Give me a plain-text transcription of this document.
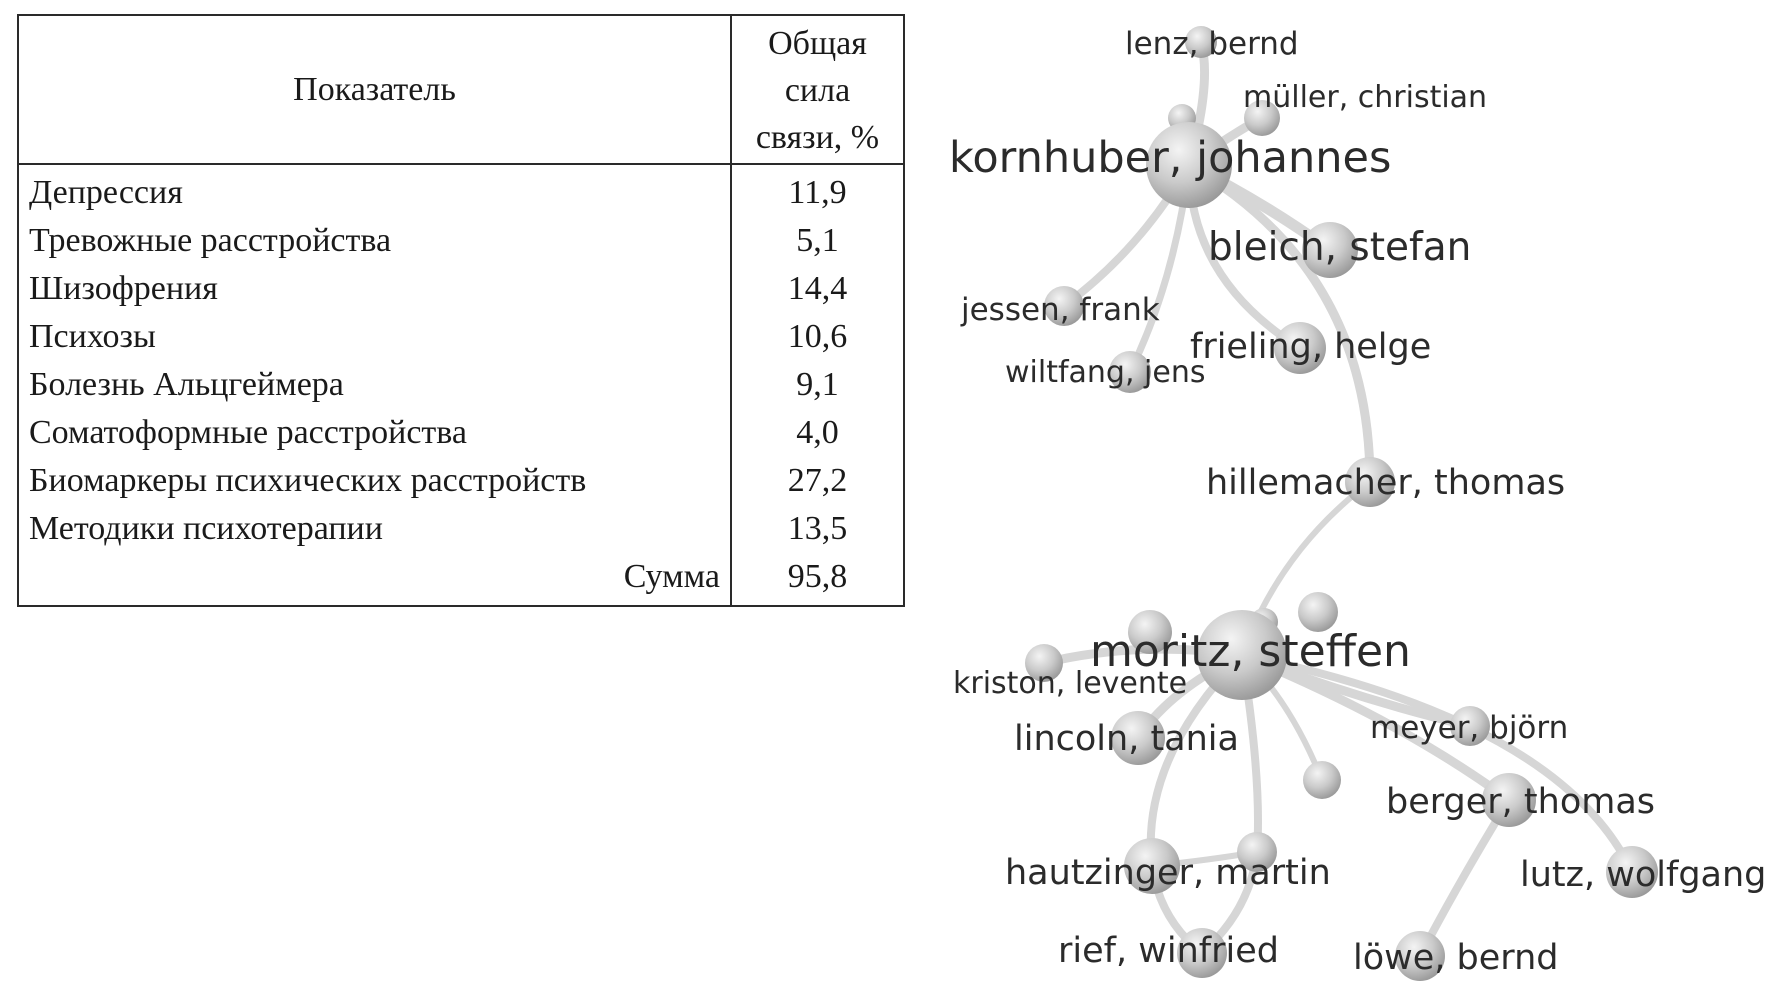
Показатель	Общая
сила
связи, %

Депрессия	11,9
Тревожные расстройства	5,1
Шизофрения	14,4
Психозы	10,6
Болезнь Альцгеймера	9,1
Соматоформные расстройства	4,0
Биомаркеры психических расстройств	27,2
Методики психотерапии	13,5
Сумма	95,8
lenz, bernd
müller, christian
kornhuber, johannes
bleich, stefan
jessen, frank
frieling, helge
wiltfang, jens
hillemacher, thomas
moritz, steffen
kriston, levente
lincoln, tania	meyer, björn
berger, thomas
hautzinger, martin	lutz, wolfgang
rief, winfried löwe, bernd
